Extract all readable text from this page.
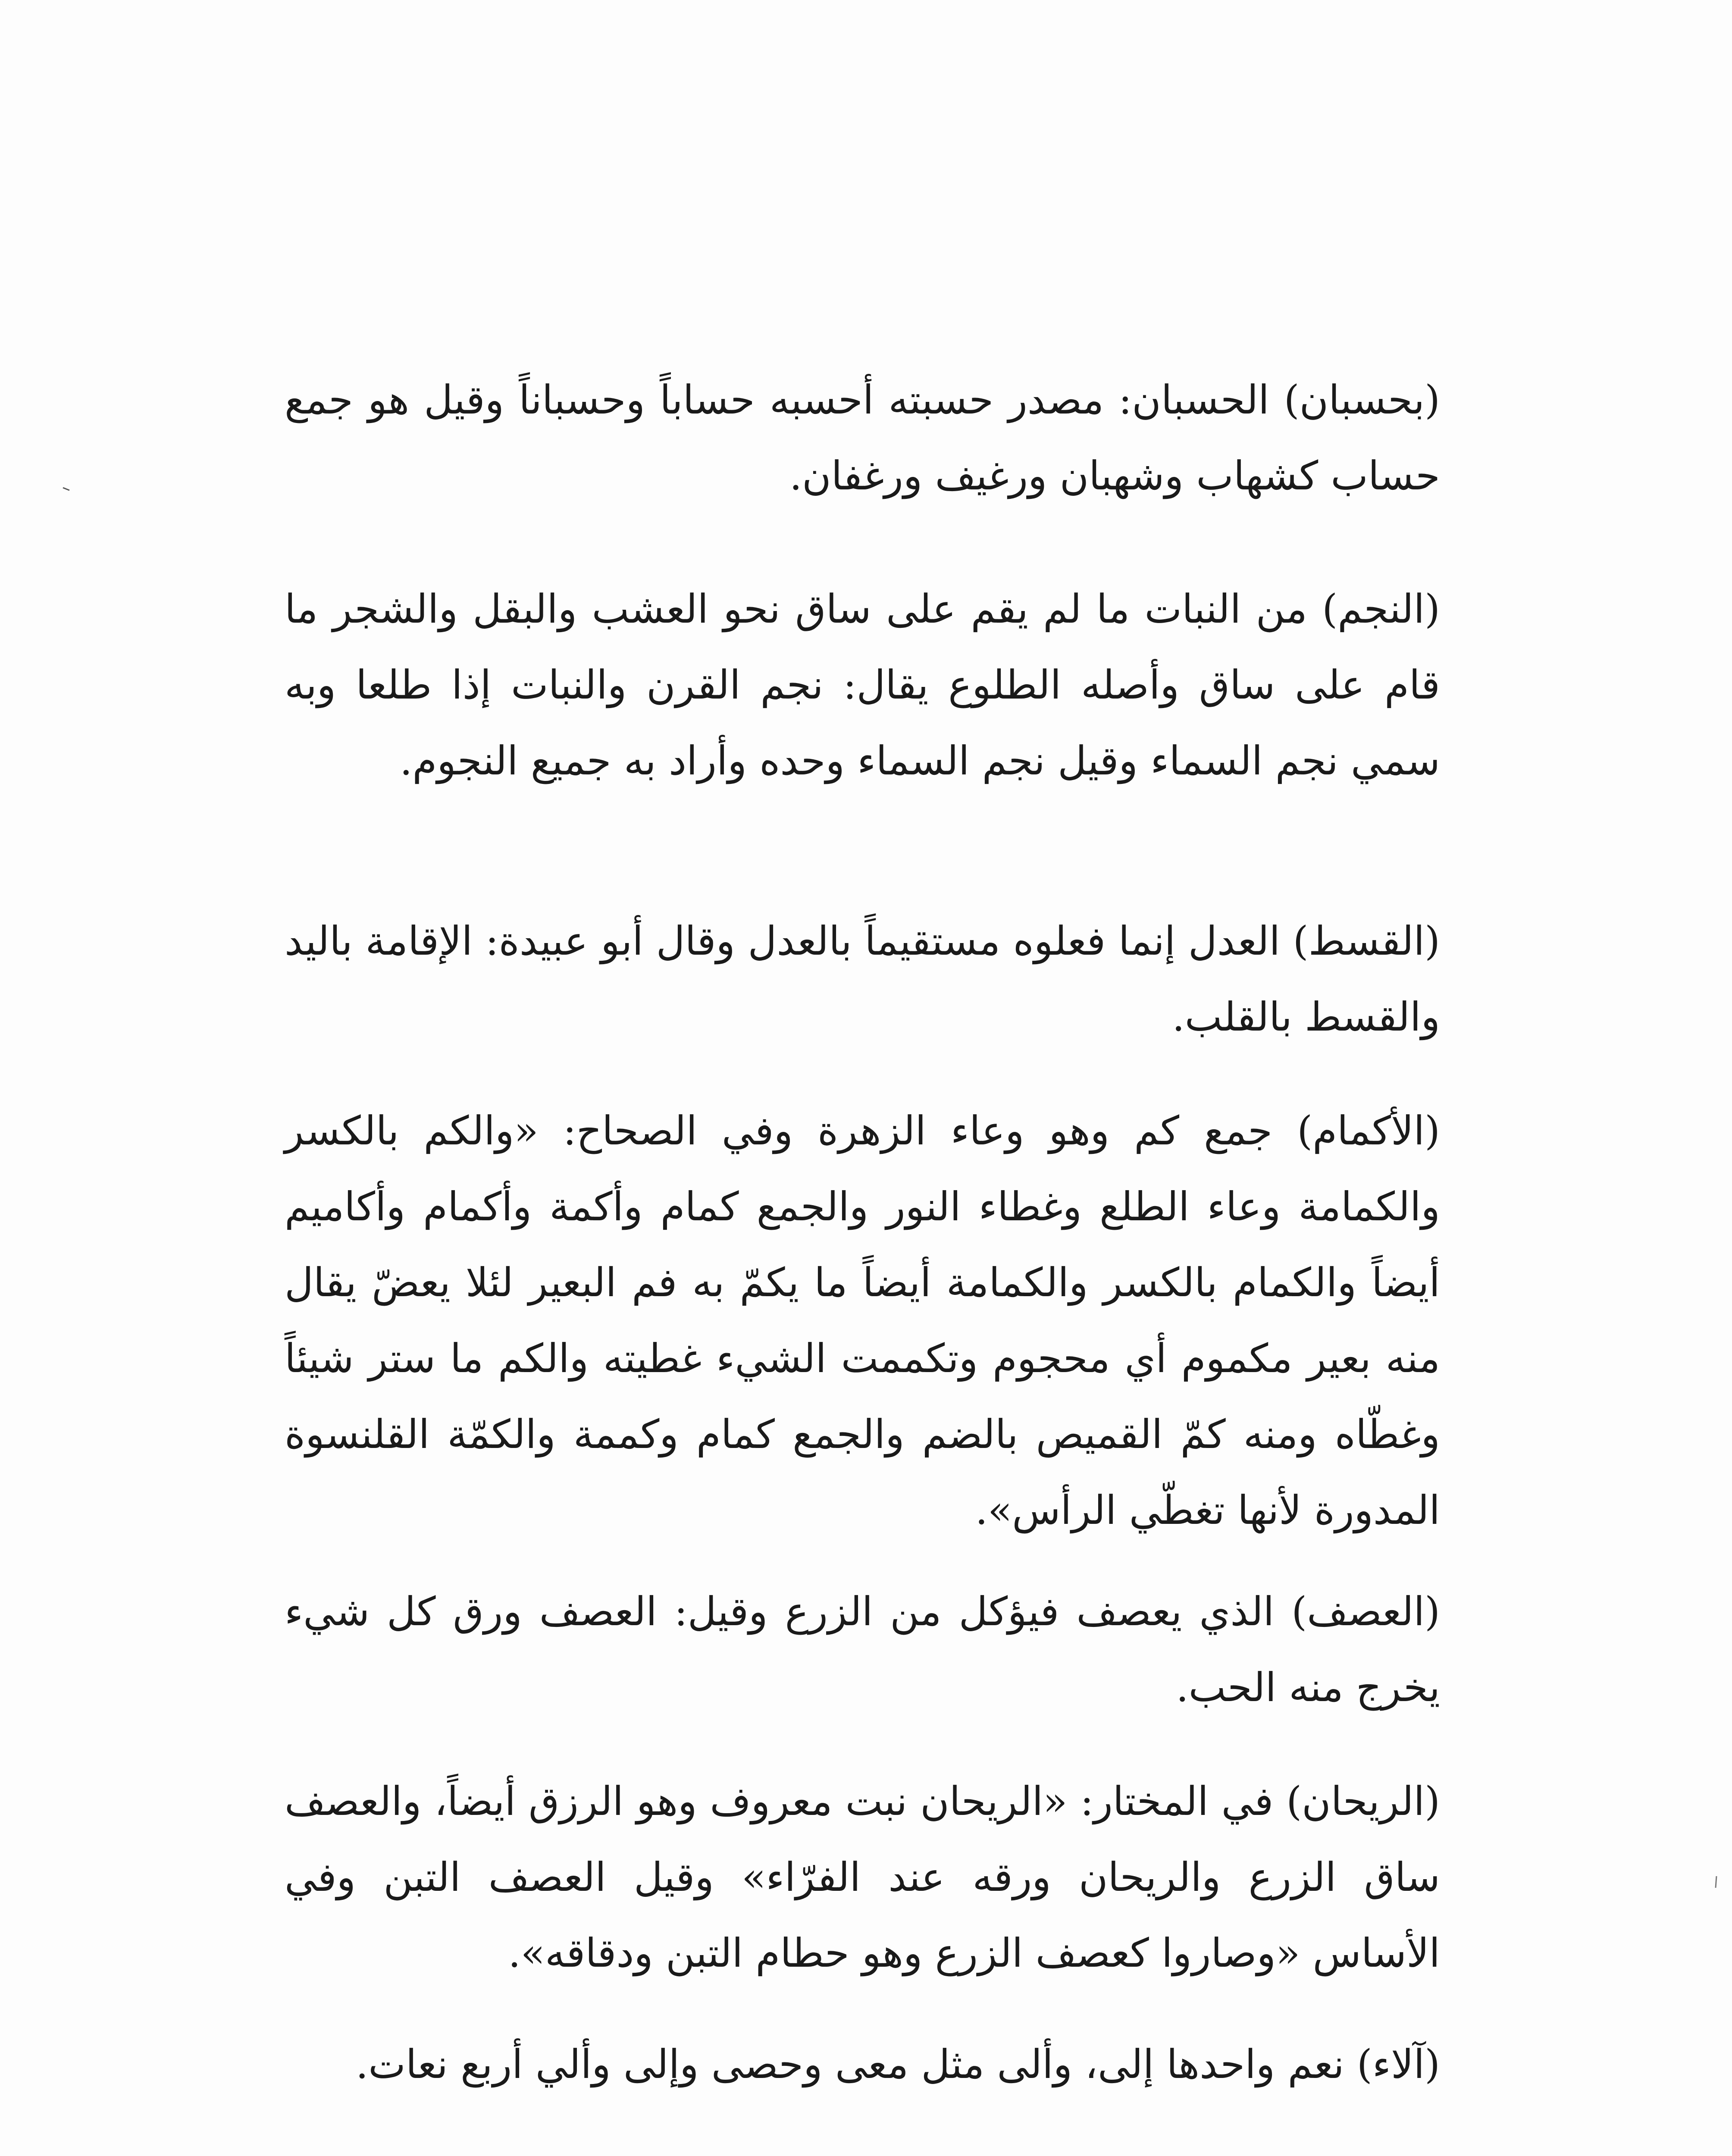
(بحسبان) الحسبان: مصدر حسبته أحسبه حساباً وحسباناً وقيل هو جمع حساب كشهاب وشهبان ورغيف ورغفان.

(النجم) من النبات ما لم يقم على ساق نحو العشب والبقل والشجر ما قام على ساق وأصله الطلوع يقال: نجم القرن والنبات إذا طلعا وبه سمي نجم السماء وقيل نجم السماء وحده وأراد به جميع النجوم.

(القسط) العدل إنما فعلوه مستقيماً بالعدل وقال أبو عبيدة: الإقامة باليد والقسط بالقلب.

(الأكمام) جمع كم وهو وعاء الزهرة وفي الصحاح: «والكم بالكسر والكمامة وعاء الطلع وغطاء النور والجمع كمام وأكمة وأكمام وأكاميم أيضاً والكمام بالكسر والكمامة أيضاً ما يكمّ به فم البعير لئلا يعضّ يقال منه بعير مكموم أي محجوم وتكممت الشيء غطيته والكم ما ستر شيئاً وغطّاه ومنه كمّ القميص بالضم والجمع كمام وكممة والكمّة القلنسوة المدورة لأنها تغطّي الرأس».

(العصف) الذي يعصف فيؤكل من الزرع وقيل: العصف ورق كل شيء يخرج منه الحب.

(الريحان) في المختار: «الريحان نبت معروف وهو الرزق أيضاً، والعصف ساق الزرع والريحان ورقه عند الفرّاء» وقيل العصف التبن وفي الأساس «وصاروا كعصف الزرع وهو حطام التبن ودقاقه».

(آلاء) نعم واحدها إلى، وألى مثل معى وحصى وإلى وألي أربع نعات.
